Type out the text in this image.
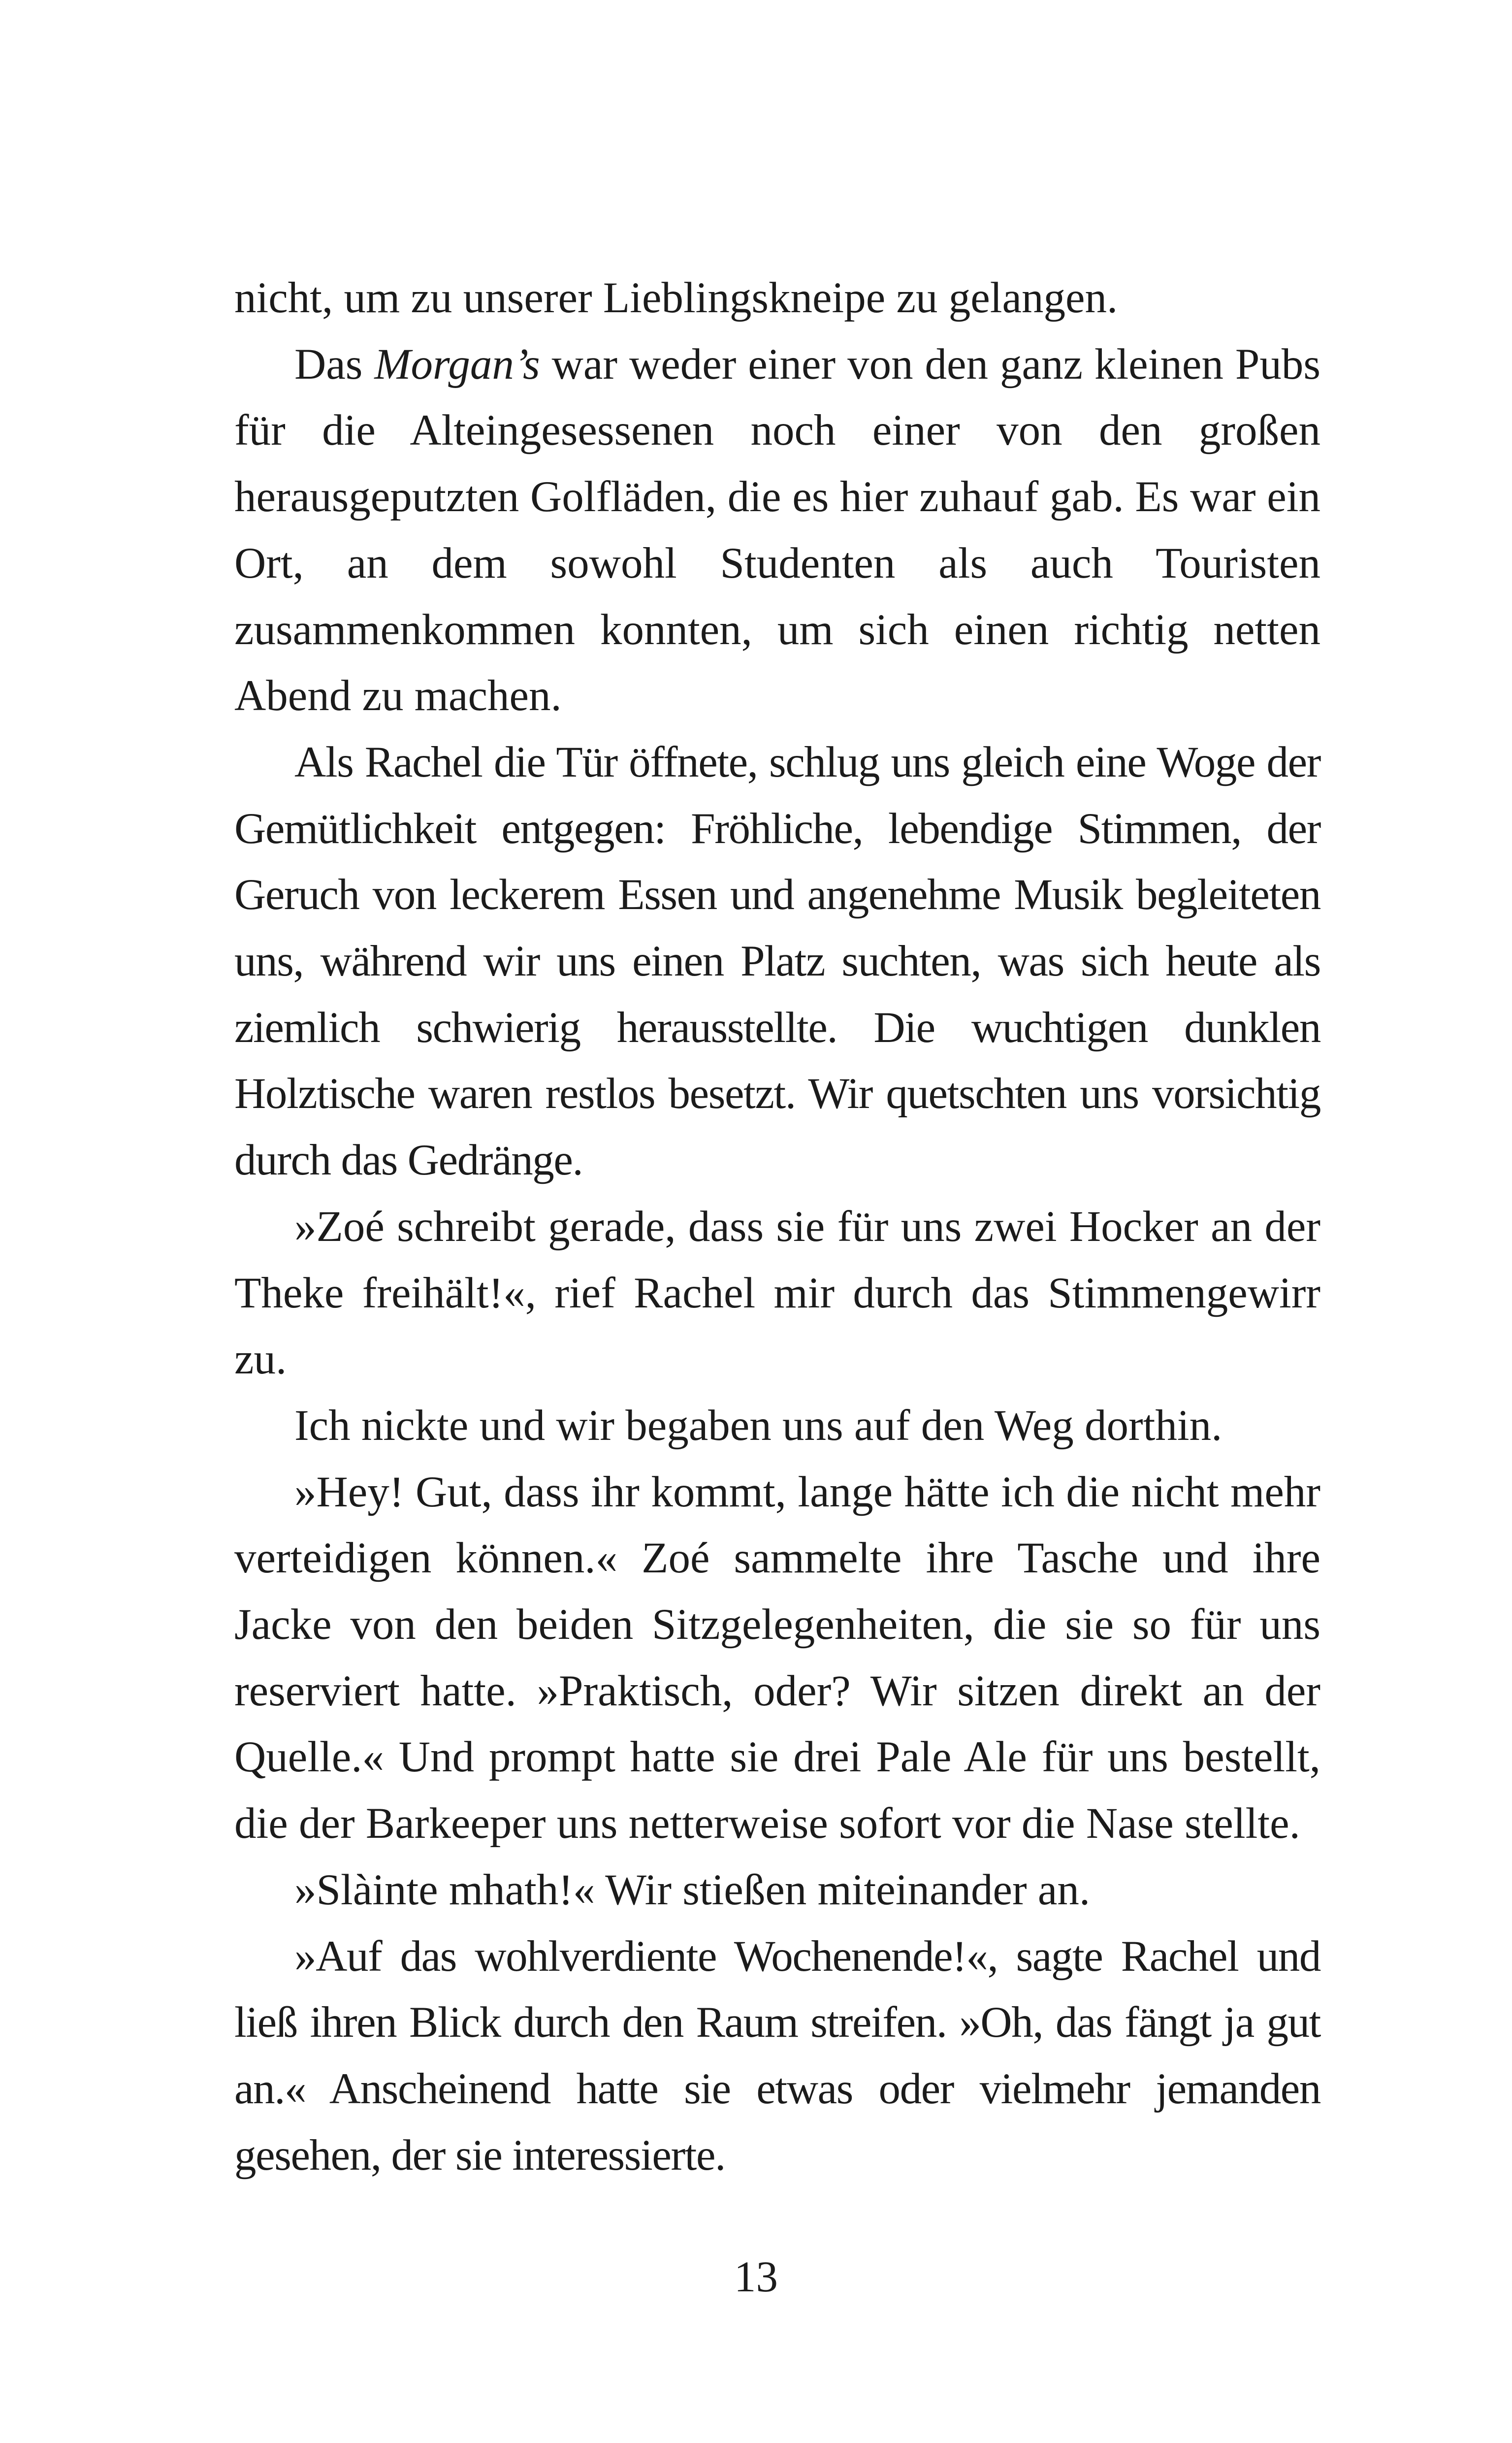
nicht, um zu unserer Lieblingskneipe zu gelangen.

Das Morgan’s war weder einer von den ganz kleinen Pubs für die Alteingesessenen noch einer von den großen herausgeputzten Golfläden, die es hier zuhauf gab. Es war ein Ort, an dem sowohl Studenten als auch Touristen zusammenkommen konnten, um sich einen richtig netten Abend zu machen.

Als Rachel die Tür öffnete, schlug uns gleich eine Woge der Gemütlichkeit entgegen: Fröhliche, lebendige Stimmen, der Geruch von leckerem Essen und angenehme Musik begleiteten uns, während wir uns einen Platz suchten, was sich heute als ziemlich schwierig herausstellte. Die wuchtigen dunklen Holztische waren restlos besetzt. Wir quetschten uns vorsichtig durch das Gedränge.

»Zoé schreibt gerade, dass sie für uns zwei Hocker an der Theke freihält!«, rief Rachel mir durch das Stimmengewirr zu.

Ich nickte und wir begaben uns auf den Weg dorthin.

»Hey! Gut, dass ihr kommt, lange hätte ich die nicht mehr verteidigen können.« Zoé sammelte ihre Tasche und ihre Jacke von den beiden Sitzgelegenheiten, die sie so für uns reserviert hatte. »Praktisch, oder? Wir sitzen direkt an der Quelle.« Und prompt hatte sie drei Pale Ale für uns bestellt, die der Barkeeper uns netterweise sofort vor die Nase stellte.

»Slàinte mhath!« Wir stießen miteinander an.

»Auf das wohlverdiente Wochenende!«, sagte Rachel und ließ ihren Blick durch den Raum streifen. »Oh, das fängt ja gut an.« Anscheinend hatte sie etwas oder vielmehr jemanden gesehen, der sie interessierte.

13
